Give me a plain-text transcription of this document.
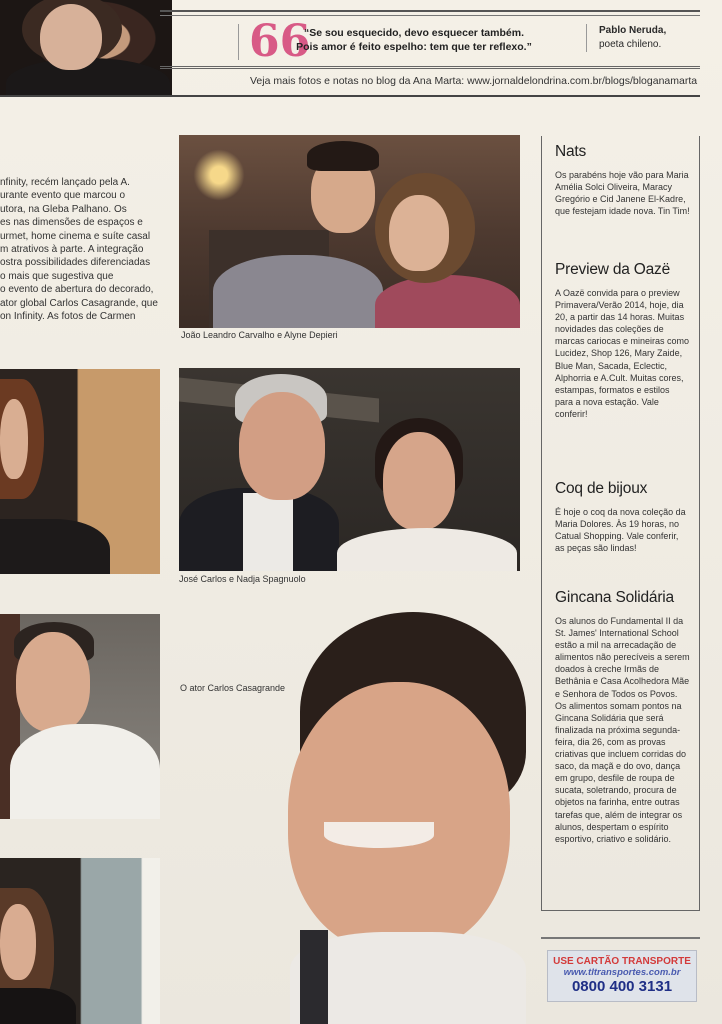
66
“Se sou esquecido, devo esquecer também.
Pois amor é feito espelho: tem que ter reflexo.”
Pablo Neruda,
poeta chileno.
Veja mais fotos e notas no blog da Ana Marta: www.jornaldelondrina.com.br/blogs/bloganamarta
nfinity, recém lançado pela A.
urante evento que marcou o
utora, na Gleba Palhano. Os
es nas dimensões de espaços e
urmet, home cinema e suíte casal
m atrativos à parte. A integração
ostra possibilidades diferenciadas
o mais que sugestiva que
o evento de abertura do decorado,
ator global Carlos Casagrande, que
on Infinity. As fotos de Carmen
João Leandro Carvalho e Alyne Depieri
José Carlos e Nadja Spagnuolo
O ator Carlos Casagrande
Nats

Os parabéns hoje vão para Maria Amélia Solci Oliveira, Maracy Gregório e Cid Janene El-Kadre, que festejam idade nova. Tin Tim!

Preview da Oazë

A Oazë convida para o preview Primavera/Verão 2014, hoje, dia 20, a partir das 14 horas. Muitas novidades das coleções de marcas cariocas e mineiras como Lucidez, Shop 126, Mary Zaide, Blue Man, Sacada, Eclectic, Alphorria e A.Cult. Muitas cores, estampas, formatos e estilos para a nova estação. Vale conferir!

Coq de bijoux

É hoje o coq da nova coleção da Maria Dolores. Às 19 horas, no Catual Shopping. Vale conferir, as peças são lindas!

Gincana Solidária

Os alunos do Fundamental II da St. James' International School estão a mil na arrecadação de alimentos não perecíveis a serem doados à creche Irmãs de Bethânia e Casa Acolhedora Mãe e Senhora de Todos os Povos. Os alimentos somam pontos na Gincana Solidária que será finalizada na próxima segunda-feira, dia 26, com as provas criativas que incluem corridas do saco, da maçã e do ovo, dança em grupo, desfile de roupa de sucata, soletrando, procura de objetos na farinha, entre outras tarefas que, além de integrar os alunos, despertam o espírito esportivo, criativo e solidário.

USE CARTÃO TRANSPORTE
www.tltransportes.com.br
0800 400 3131
